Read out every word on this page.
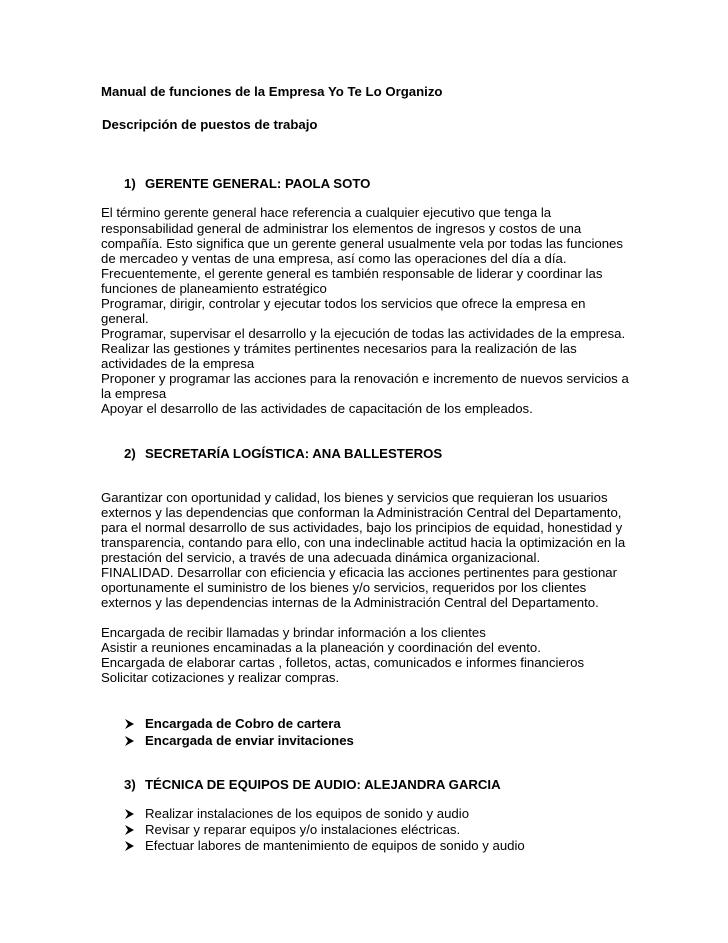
Manual de funciones de la Empresa Yo Te Lo Organizo
Descripción de puestos de trabajo
1) GERENTE GENERAL: PAOLA SOTO
El término gerente general hace referencia a cualquier ejecutivo que tenga la
responsabilidad general de administrar los elementos de ingresos y costos de una
compañía. Esto significa que un gerente general usualmente vela por todas las funciones
de mercadeo y ventas de una empresa, así como las operaciones del día a día.
Frecuentemente, el gerente general es también responsable de liderar y coordinar las
funciones de planeamiento estratégico
Programar, dirigir, controlar y ejecutar todos los servicios que ofrece la empresa en
general.
Programar, supervisar el desarrollo y la ejecución de todas las actividades de la empresa.
Realizar las gestiones y trámites pertinentes necesarios para la realización de las
actividades de la empresa
Proponer y programar las acciones para la renovación e incremento de nuevos servicios a
la empresa
Apoyar el desarrollo de las actividades de capacitación de los empleados.
2) SECRETARÍA LOGÍSTICA: ANA BALLESTEROS
Garantizar con oportunidad y calidad, los bienes y servicios que requieran los usuarios
externos y las dependencias que conforman la Administración Central del Departamento,
para el normal desarrollo de sus actividades, bajo los principios de equidad, honestidad y
transparencia, contando para ello, con una indeclinable actitud hacia la optimización en la
prestación del servicio, a través de una adecuada dinámica organizacional.
FINALIDAD. Desarrollar con eficiencia y eficacia las acciones pertinentes para gestionar
oportunamente el suministro de los bienes y/o servicios, requeridos por los clientes
externos y las dependencias internas de la Administración Central del Departamento.
Encargada de recibir llamadas y brindar información a los clientes
Asistir a reuniones encaminadas a la planeación y coordinación del evento.
Encargada de elaborar cartas , folletos, actas, comunicados e informes financieros
Solicitar cotizaciones y realizar compras.
Encargada de Cobro de cartera
Encargada de enviar invitaciones
3) TÉCNICA DE EQUIPOS DE AUDIO: ALEJANDRA GARCIA
Realizar instalaciones de los equipos de sonido y audio
Revisar y reparar equipos y/o instalaciones eléctricas.
Efectuar labores de mantenimiento de equipos de sonido y audio
